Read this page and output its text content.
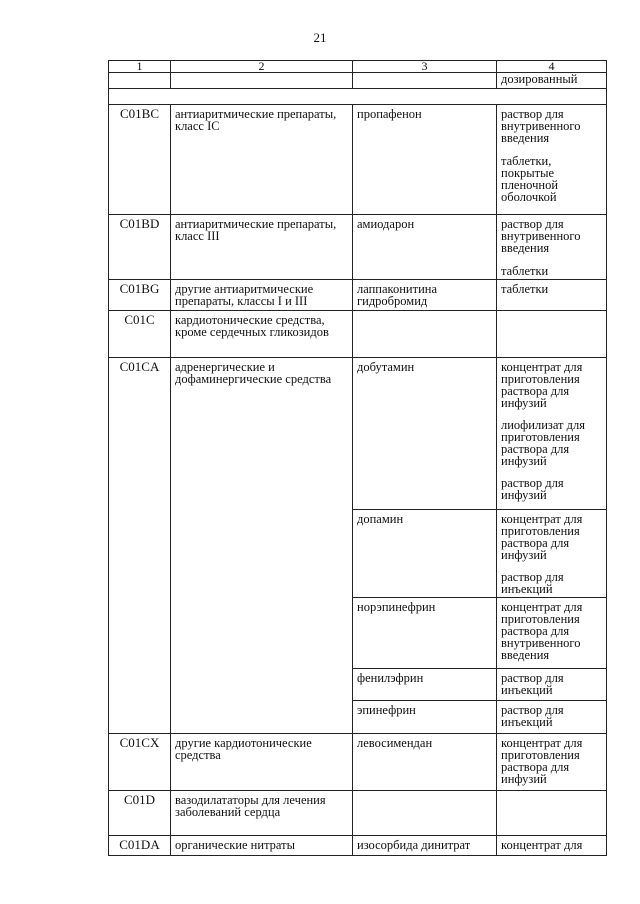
21
1	2	3	4
			дозированный

C01BC	антиаритмические препараты, класс IC	пропафенон	раствор для внутривенного введения
таблетки, покрытые пленочной оболочкой

C01BD	антиаритмические препараты, класс III	амиодарон	раствор для внутривенного введения
таблетки

C01BG	другие антиаритмические препараты, классы I и III	лаппаконитина гидробромид	таблетки
C01C	кардиотонические средства, кроме сердечных гликозидов		
C01CA	адренергические и дофаминергические средства	добутамин	концентрат для приготовления раствора для инфузий
лиофилизат для приготовления раствора для инфузий
раствор для инфузий

		допамин	концентрат для приготовления раствора для инфузий
раствор для инъекций

		норэпинефрин	концентрат для приготовления раствора для внутривенного введения
		фенилэфрин	раствор для инъекций
		эпинефрин	раствор для инъекций
C01CX	другие кардиотонические средства	левосимендан	концентрат для приготовления раствора для инфузий
C01D	вазодилататоры для лечения заболеваний сердца		
C01DA	органические нитраты	изосорбида динитрат	концентрат для
